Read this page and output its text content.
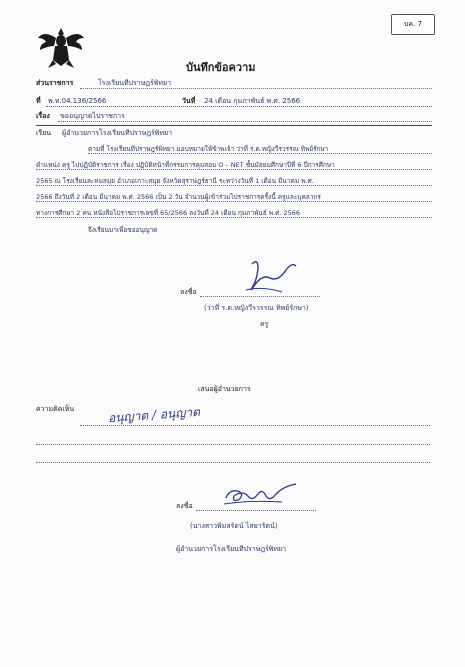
บค. 7
บันทึกข้อความ
ส่วนราชการ	โรงเรียนทีปราษฎร์พิทยา
ที่ พ.ท.04.136/2566	วันที่ 24 เดือน กุมภาพันธ์ พ.ศ. 2566
เรื่อง ขออนุญาตไปราชการ
เรียน ผู้อำนวยการโรงเรียนทีปราษฎร์พิทยา
ตามที่ โรงเรียนทีปราษฎร์พิทยา มอบหมายให้ข้าพเจ้า ว่าที่ ร.ต.หญิงวีรวรรณ ทิพย์รักษา
ตำแหน่ง ครู ไปปฏิบัติราชการ เรื่อง ปฏิบัติหน้าที่กรรมการคุมสอบ O – NET ชั้นมัธยมศึกษาปีที่ 6 ปีการศึกษา
2565 ณ โรงเรียนละหมสมุย อำเภอเกาะสมุย จังหวัดสุราษฎร์ธานี ระหว่างวันที่ 1 เดือน มีนาคม พ.ศ.
2566 ถึงวันที่ 2 เดือน มีนาคม พ.ศ. 2566 เป็น 2 วัน จำนวนผู้เข้าร่วมไปราชการครั้งนี้ ครูและบุคลากร
ทางการศึกษา 2 คน หนังสือไปราชการเลขที่ 65/2566 ลงวันที่ 24 เดือน กุมภาพันธ์ พ.ศ. 2566
จึงเรียนมาเพื่อขออนุญาต
ลงชื่อ
(ว่าที่ ร.ต.หญิงวีรวรรณ ทิพย์รักษา)
ครู
เสนอผู้อำนวยการ
ความคิดเห็น	อนุญาต / อนุญาต
ลงชื่อ
(นางสาวพิมลรัตน์ ไสยารัตน์)
ผู้อำนวยการโรงเรียนทีปราษฎร์พิทยา
